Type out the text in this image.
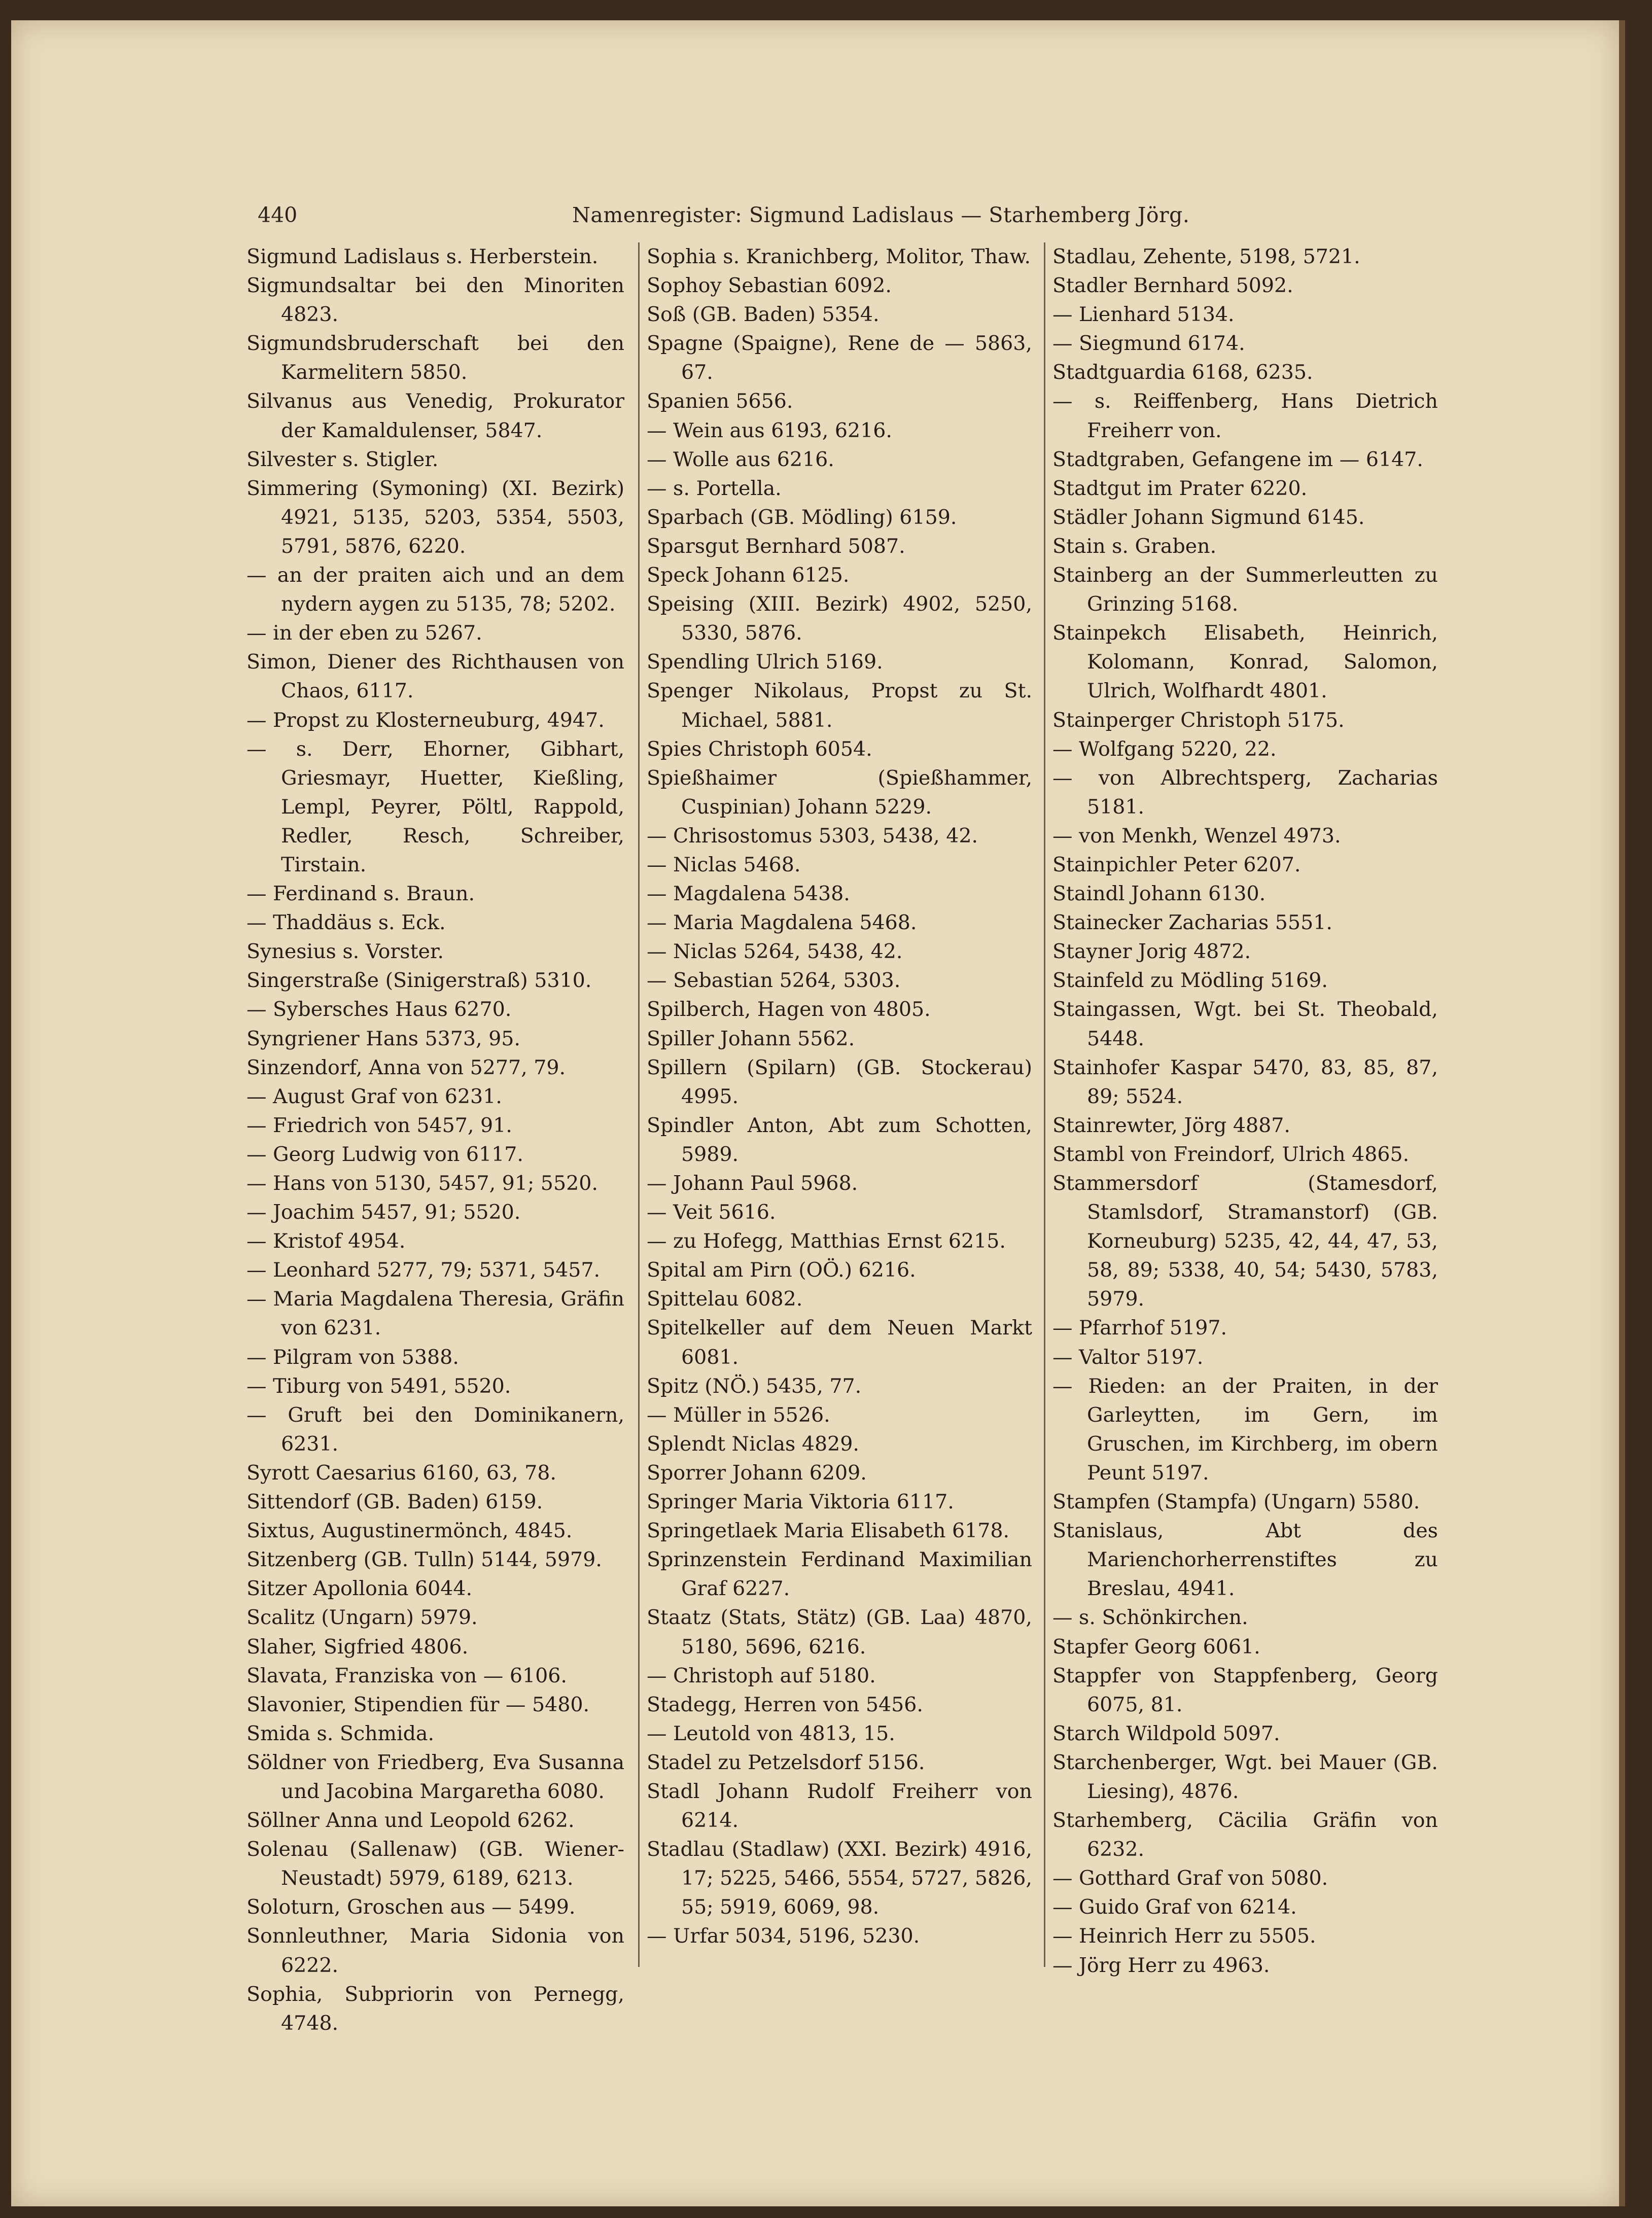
440	Namenregister: Sigmund Ladislaus — Starhemberg Jörg.
Sigmund Ladislaus s. Herberstein.
Sigmundsaltar bei den Minoriten 4823.
Sigmundsbruderschaft bei den Karmelitern 5850.
Silvanus aus Venedig, Prokurator der Kamaldulenser, 5847.
Silvester s. Stigler.
Simmering (Symoning) (XI. Bezirk) 4921, 5135, 5203, 5354, 5503, 5791, 5876, 6220.
— an der praiten aich und an dem nydern aygen zu 5135, 78; 5202.
— in der eben zu 5267.
Simon, Diener des Richthausen von Chaos, 6117.
— Propst zu Klosterneuburg, 4947.
— s. Derr, Ehorner, Gibhart, Griesmayr, Huetter, Kießling, Lempl, Peyrer, Pöltl, Rappold, Redler, Resch, Schreiber, Tirstain.
— Ferdinand s. Braun.
— Thaddäus s. Eck.
Synesius s. Vorster.
Singerstraße (Sinigerstraß) 5310.
— Sybersches Haus 6270.
Syngriener Hans 5373, 95.
Sinzendorf, Anna von 5277, 79.
— August Graf von 6231.
— Friedrich von 5457, 91.
— Georg Ludwig von 6117.
— Hans von 5130, 5457, 91; 5520.
— Joachim 5457, 91; 5520.
— Kristof 4954.
— Leonhard 5277, 79; 5371, 5457.
— Maria Magdalena Theresia, Gräfin von 6231.
— Pilgram von 5388.
— Tiburg von 5491, 5520.
— Gruft bei den Dominikanern, 6231.
Syrott Caesarius 6160, 63, 78.
Sittendorf (GB. Baden) 6159.
Sixtus, Augustinermönch, 4845.
Sitzenberg (GB. Tulln) 5144, 5979.
Sitzer Apollonia 6044.
Scalitz (Ungarn) 5979.
Slaher, Sigfried 4806.
Slavata, Franziska von — 6106.
Slavonier, Stipendien für — 5480.
Smida s. Schmida.
Söldner von Friedberg, Eva Susanna und Jacobina Margaretha 6080.
Söllner Anna und Leopold 6262.
Solenau (Sallenaw) (GB. Wiener-Neustadt) 5979, 6189, 6213.
Soloturn, Groschen aus — 5499.
Sonnleuthner, Maria Sidonia von 6222.
Sophia, Subpriorin von Pernegg, 4748.
Sophia s. Kranichberg, Molitor, Thaw.
Sophoy Sebastian 6092.
Soß (GB. Baden) 5354.
Spagne (Spaigne), Rene de — 5863, 67.
Spanien 5656.
— Wein aus 6193, 6216.
— Wolle aus 6216.
— s. Portella.
Sparbach (GB. Mödling) 6159.
Sparsgut Bernhard 5087.
Speck Johann 6125.
Speising (XIII. Bezirk) 4902, 5250, 5330, 5876.
Spendling Ulrich 5169.
Spenger Nikolaus, Propst zu St. Michael, 5881.
Spies Christoph 6054.
Spießhaimer (Spießhammer, Cuspinian) Johann 5229.
— Chrisostomus 5303, 5438, 42.
— Niclas 5468.
— Magdalena 5438.
— Maria Magdalena 5468.
— Niclas 5264, 5438, 42.
— Sebastian 5264, 5303.
Spilberch, Hagen von 4805.
Spiller Johann 5562.
Spillern (Spilarn) (GB. Stockerau) 4995.
Spindler Anton, Abt zum Schotten, 5989.
— Johann Paul 5968.
— Veit 5616.
— zu Hofegg, Matthias Ernst 6215.
Spital am Pirn (OÖ.) 6216.
Spittelau 6082.
Spitelkeller auf dem Neuen Markt 6081.
Spitz (NÖ.) 5435, 77.
— Müller in 5526.
Splendt Niclas 4829.
Sporrer Johann 6209.
Springer Maria Viktoria 6117.
Springetlaek Maria Elisabeth 6178.
Sprinzenstein Ferdinand Maximilian Graf 6227.
Staatz (Stats, Stätz) (GB. Laa) 4870, 5180, 5696, 6216.
— Christoph auf 5180.
Stadegg, Herren von 5456.
— Leutold von 4813, 15.
Stadel zu Petzelsdorf 5156.
Stadl Johann Rudolf Freiherr von 6214.
Stadlau (Stadlaw) (XXI. Bezirk) 4916, 17; 5225, 5466, 5554, 5727, 5826, 55; 5919, 6069, 98.
— Urfar 5034, 5196, 5230.
Stadlau, Zehente, 5198, 5721.
Stadler Bernhard 5092.
— Lienhard 5134.
— Siegmund 6174.
Stadtguardia 6168, 6235.
— s. Reiffenberg, Hans Dietrich Freiherr von.
Stadtgraben, Gefangene im — 6147.
Stadtgut im Prater 6220.
Städler Johann Sigmund 6145.
Stain s. Graben.
Stainberg an der Summerleutten zu Grinzing 5168.
Stainpekch Elisabeth, Heinrich, Kolomann, Konrad, Salomon, Ulrich, Wolfhardt 4801.
Stainperger Christoph 5175.
— Wolfgang 5220, 22.
— von Albrechtsperg, Zacharias 5181.
— von Menkh, Wenzel 4973.
Stainpichler Peter 6207.
Staindl Johann 6130.
Stainecker Zacharias 5551.
Stayner Jorig 4872.
Stainfeld zu Mödling 5169.
Staingassen, Wgt. bei St. Theobald, 5448.
Stainhofer Kaspar 5470, 83, 85, 87, 89; 5524.
Stainrewter, Jörg 4887.
Stambl von Freindorf, Ulrich 4865.
Stammersdorf (Stamesdorf, Stamlsdorf, Stramanstorf) (GB. Korneuburg) 5235, 42, 44, 47, 53, 58, 89; 5338, 40, 54; 5430, 5783, 5979.
— Pfarrhof 5197.
— Valtor 5197.
— Rieden: an der Praiten, in der Garleytten, im Gern, im Gruschen, im Kirchberg, im obern Peunt 5197.
Stampfen (Stampfa) (Ungarn) 5580.
Stanislaus, Abt des Marienchorherrenstiftes zu Breslau, 4941.
— s. Schönkirchen.
Stapfer Georg 6061.
Stappfer von Stappfenberg, Georg 6075, 81.
Starch Wildpold 5097.
Starchenberger, Wgt. bei Mauer (GB. Liesing), 4876.
Starhemberg, Cäcilia Gräfin von 6232.
— Gotthard Graf von 5080.
— Guido Graf von 6214.
— Heinrich Herr zu 5505.
— Jörg Herr zu 4963.
